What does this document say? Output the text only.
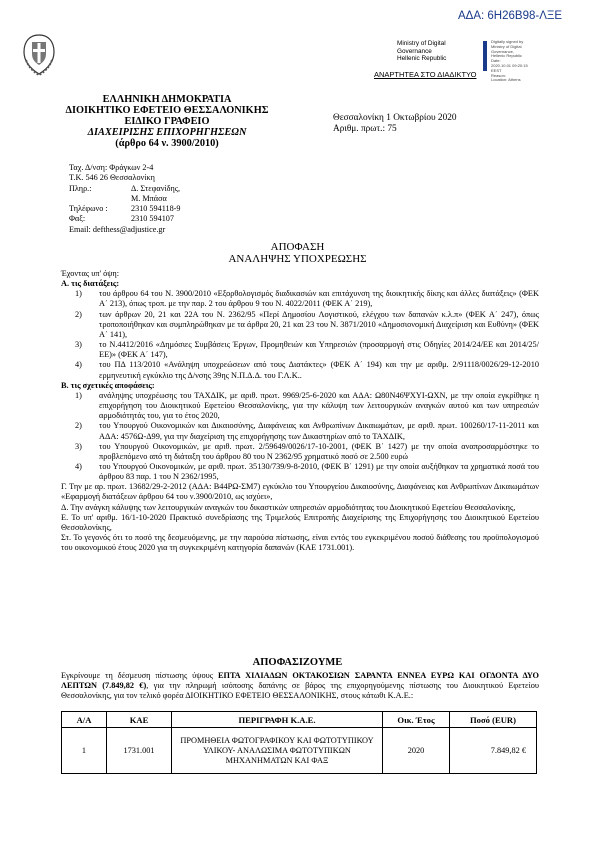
ΑΔΑ: 6Η26Β98-ΛΞΕ
Ministry of Digital
Governance
Hellenic Republic
Digitally signed by
Ministry of Digital
Governance,
Hellenic Republic
Date:
2020.10.01 09:20:15
EEST
Reason:
Location: Athens
ΑΝΑΡΤΗΤΕΑ ΣΤΟ ΔΙΑΔΙΚΤΥΟ
ΕΛΛΗΝΙΚΗ ΔΗΜΟΚΡΑΤΙΑ
ΔΙΟΙΚΗΤΙΚΟ ΕΦΕΤΕΙΟ ΘΕΣΣΑΛΟΝΙΚΗΣ
ΕΙΔΙΚΟ ΓΡΑΦΕΙΟ
ΔΙΑΧΕΙΡΙΣΗΣ ΕΠΙΧΟΡΗΓΗΣΕΩΝ
(άρθρο 64 ν. 3900/2010)
Θεσσαλονίκη 1 Οκτωβρίου 2020
Αριθμ. πρωτ.: 75
Ταχ. Δ/νση: Φράγκων 2-4
Τ.Κ. 546 26 Θεσσαλονίκη
Πληρ.:	Δ. Στεφανίδης,
Μ. Μπάσα
Τηλέφωνο :	2310 594118-9
Φαξ:	2310 594107
Email: defthess@adjustice.gr
ΑΠΟΦΑΣΗ
ΑΝΑΛΗΨΗΣ ΥΠΟΧΡΕΩΣΗΣ

Έχοντας υπ' όψη:

Α. τις διατάξεις:

1)	του άρθρου 64 του Ν. 3900/2010 «Εξορθολογισμός διαδικασιών και επιτάχυνση της διοικητικής δίκης και άλλες διατάξεις» (ΦΕΚ Α΄ 213), όπως τροπ. με την παρ. 2 του άρθρου 9 του Ν. 4022/2011 (ΦΕΚ Α΄ 219),
2)	των άρθρων 20, 21 και 22Α του Ν. 2362/95 «Περί Δημοσίου Λογιστικού, ελέγχου των δαπανών κ.λ.π» (ΦΕΚ Α΄ 247), όπως τροποποιήθηκαν και συμπληρώθηκαν με τα άρθρα 20, 21 και 23 του Ν. 3871/2010 «Δημοσιονομική Διαχείριση και Ευθύνη» (ΦΕΚ Α΄ 141),
3)	το Ν.4412/2016 «Δημόσιες Συμβάσεις Έργων, Προμηθειών και Υπηρεσιών (προσαρμογή στις Οδηγίες 2014/24/ΕΕ και 2014/25/ΕΕ)» (ΦΕΚ Α΄ 147),
4)	του ΠΔ 113/2010 «Ανάληψη υποχρεώσεων από τους Διατάκτες» (ΦΕΚ Α΄ 194) και την με αριθμ. 2/91118/0026/29-12-2010 ερμηνευτική εγκύκλιο της Δ/νσης 39ης Ν.Π.Δ.Δ. του Γ.Λ.Κ..

Β. τις σχετικές αποφάσεις:

1)	ανάληψης υποχρέωσης του ΤΑΧΔΙΚ, με αριθ. πρωτ. 9969/25-6-2020 και ΑΔΑ: Ω80Ν46ΨΧΥΙ-ΩΧΝ, με την οποία εγκρίθηκε η επιχορήγηση του Διοικητικού Εφετείου Θεσσαλονίκης, για την κάλυψη των λειτουργικών αναγκών αυτού και των υπηρεσιών αρμοδιότητάς του, για το έτος 2020,
2)	του Υπουργού Οικονομικών και Δικαιοσύνης, Διαφάνειας και Ανθρωπίνων Δικαιωμάτων, με αριθ. πρωτ. 100260/17-11-2011 και ΑΔΑ: 4576Ω-Δ99, για την διαχείριση της επιχορήγησης των Δικαστηρίων από το ΤΑΧΔΙΚ,
3)	του Υπουργού Οικονομικών, με αριθ. πρωτ. 2/59649/0026/17-10-2001, (ΦΕΚ Β΄ 1427) με την οποία αναπροσαρμόστηκε το προβλεπόμενο από τη διάταξη του άρθρου 80 του Ν 2362/95 χρηματικό ποσό σε 2.500 ευρώ
4)	του Υπουργού Οικονομικών, με αριθ. πρωτ. 35130/739/9-8-2010, (ΦΕΚ Β΄ 1291) με την οποία αυξήθηκαν τα χρηματικά ποσά του άρθρου 83 παρ. 1 του Ν 2362/1995,

Γ. Την με αρ. πρωτ. 13682/29-2-2012 (ΑΔΑ: Β44ΡΩ-ΣΜ7) εγκύκλιο του Υπουργείου Δικαιοσύνης, Διαφάνειας και Ανθρωπίνων Δικαιωμάτων «Εφαρμογή διατάξεων άρθρου 64 του ν.3900/2010, ως ισχύει»,

Δ. Την ανάγκη κάλυψης των λειτουργικών αναγκών του δικαστικών υπηρεσιών αρμοδιότητας του Διοικητικού Εφετείου Θεσσαλονίκης,

Ε. Το υπ' αριθμ. 16/1-10-2020 Πρακτικό συνεδρίασης της Τριμελούς Επιτροπής Διαχείρισης της Επιχορήγησης του Διοικητικού Εφετείου Θεσσαλονίκης,

Στ. Το γεγονός ότι το ποσό της δεσμευόμενης, με την παρούσα πίστωσης, είναι εντός του εγκεκριμένου ποσού διάθεσης του προϋπολογισμού του οικονομικού έτους 2020 για τη συγκεκριμένη κατηγορία δαπανών (ΚΑΕ 1731.001).

ΑΠΟΦΑΣΙΖΟΥΜΕ
Εγκρίνουμε τη δέσμευση πίστωσης ύψους ΕΠΤΑ ΧΙΛΙΑΔΩΝ ΟΚΤΑΚΟΣΙΩΝ ΣΑΡΑΝΤΑ ΕΝΝΕΑ ΕΥΡΩ ΚΑΙ ΟΓΔΟΝΤΑ ΔΥΟ ΛΕΠΤΩΝ (7.849,82 €), για την πληρωμή ισόποσης δαπάνης σε βάρος της επιχορηγούμενης πίστωσης του Διοικητικού Εφετείου Θεσσαλονίκης, για τον τελικό φορέα ΔΙΟΙΚΗΤΙΚΟ ΕΦΕΤΕΙΟ ΘΕΣΣΑΛΟΝΙΚΗΣ, στους κάτωθι Κ.Α.Ε.:
Α/Α	ΚΑΕ	ΠΕΡΙΓΡΑΦΗ Κ.Α.Ε.	Οικ. Έτος	Ποσό (EUR)
1	1731.001	ΠΡΟΜΗΘΕΙΑ ΦΩΤΟΓΡΑΦΙΚΟΥ ΚΑΙ ΦΩΤΟΤΥΠΙΚΟΥ ΥΛΙΚΟΥ- ΑΝΑΛΩΣΙΜΑ ΦΩΤΟΤΥΠΙΚΩΝ ΜΗΧΑΝΗΜΑΤΩΝ ΚΑΙ ΦΑΞ	2020	7.849,82 €
